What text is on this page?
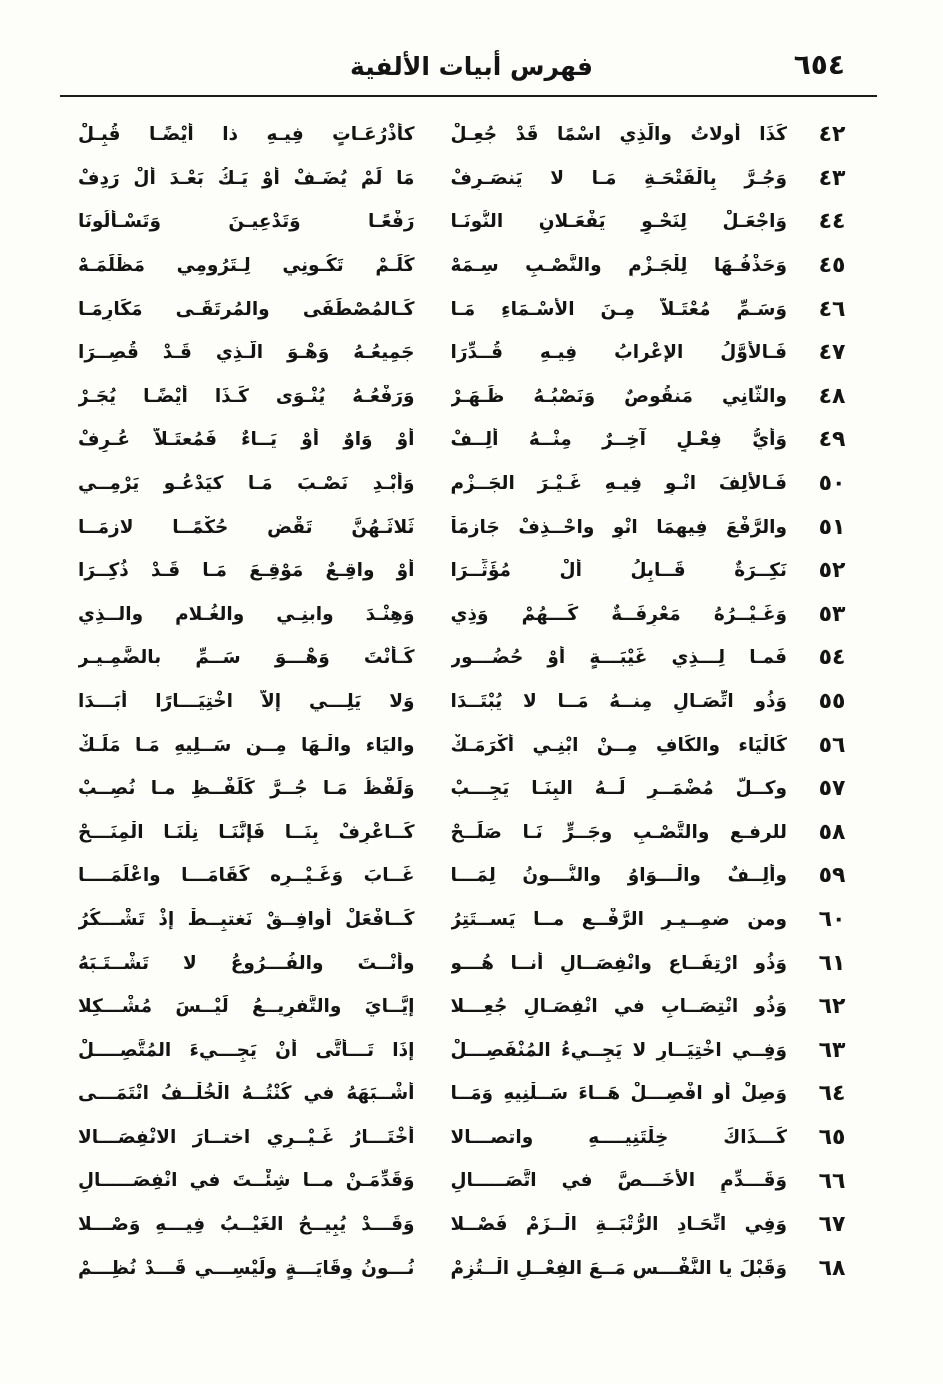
٦٥٤
فهرس أبيات الألفية
٤٢
كَذَا أُولاتُ والَّذِي اسْمًا قَدْ جُعِـلْ
كأَذْرُعَـاتٍ فِيـهِ ذا أَيْضًـا قُبِـلْ
٤٣
وَجُـرَّ بِالْفَتْحَـةِ مَـا لا يَنصَـرِفْ
مَا لَمْ يُضَـفْ أَوْ يَـكُ بَعْـدَ أَلْ رَدِفْ
٤٤
وَاجْعَـلْ لِنَحْـوِ يَفْعَـلانِ النُّونَـا
رَفْعًـا وَتَدْعِيـنَ وَتَسْـأَلُونَا
٤٥
وَحَذْفُـهَا لِلْجَـزْمِ والنَّصْـبِ سِـمَهْ
كَلَـمْ تَكُـونِي لِـتَرُومِي مَظْلَمَـهْ
٤٦
وَسَـمِّ مُعْتَـلاًّ مِـنَ الأَسْـمَاءِ مَـا
كَـالمُصْطَفَى والمُرتَقَـى مَكَارِمَـا
٤٧
فَـالأَوَّلُ الإعْرابُ فِيـهِ قُــدِّرَا
جَمِيعُـهُ وَهْـوَ الَّـذِي قَـدْ قُصِــرَا
٤٨
والثَّانِي مَنقُوصٌ وَنَصْبُـهُ ظَـهَـرْ
وَرَفْعُـهُ يُنْـوَى كَـذَا أَيْضًـا يُجَـرْ
٤٩
وَأَيُّ فِعْـلٍ آخِــرٌ مِنْــهُ أَلِــفْ
أَوْ وَاوٌ أَوْ يَــاءٌ فَمُعتَـلاًّ عُـرِفْ
٥٠
فَـالأَلِفَ انْـوِ فِيـهِ غَـيْـرَ الجَــزْمِ
وَأَبْـدِ نَصْـبَ مَـا كيَدْعُـو يَرْمِــي
٥١
والرَّفْعَ فِيهِمَا انْوِ واحْــذِفْ جَازِمَاْ
ثَلاثَـهُنَّ تَقْضِ حُكْمًــا لازِمَــا
٥٢
نَكِــرَةٌ قَــابِلُ أَلْ مُؤَثِّــرَا
أَوْ واقِـعٌ مَوْقِـعَ مَـا قَـدْ ذُكِــرَا
٥٣
وَغَـيْــرُهُ مَعْرِفَــةٌ كَـــهُمْ وَذِي
وَهِنْـدَ وابنِـي والغُـلامِ والــذِي
٥٤
فَمـا لِـــذِي غَيْبَـــةٍ أَوْ حُضُـــور
كَـأَنْتَ وَهْـــوَ سَــمِّ بالضَّمِـيـر
٥٥
وَذُو اتِّصَـالٍ مِنــهُ مَــا لا يُبْتَــدَا
وَلا يَلِـــي إلاَّ اخْتِيَـــارًا أَبَـــدَا
٥٦
كَالْيَاء والكَافِ مِــنْ ابْنِـي أَكْرَمَـكْ
واليَاء والْـهَا مِــن سَــلِيهِ مَـا مَلَـكْ
٥٧
وكــلُّ مُضْمَــرٍ لَــهُ البِنَـا يَجِـــبْ
وَلَفْظُ مَـا جُــرَّ كَلَفْــظِ مـا نُصِــبْ
٥٨
للرفـعِ والتَّصْـبِ وجَــرٍّ نَـا صَلَــحْ
كَــاعْرِفْ بِنَــا فَإنَّنَـا نِلْنَـا الْمِنَـــحْ
٥٩
وأَلِــفٌ والْـــوَاوُ والنُّـــونُ لِمَـــا
غَــابَ وَغَـيْــرِه كَقَامَـــا واعْلَمَــــا
٦٠
ومن ضمِــيـرِ الرَّفْــعِ مــا يَســتَتِرُ
كَــافْعَلْ أُوافِــقْ نَغتبِــطْ إذْ تَشْـــكُرُ
٦١
وَذُو ارْتِفَــاعٍ وانْفِصَــالٍ أنــا هُـــو
وأَنْــتَ والفُـــرُوعُ لا تَشْــتَـبَهُ
٦٢
وَذُو انْتِصَــابِ في انْفِصَـالٍ جُعِـــلا
إيَّــايَ والتَّفرِيــعُ لَيْــسَ مُشْـــكِلا
٦٣
وَفِــي اخْتِيَــارٍ لا يَجِــيءُ المُنْفَصِـــلْ
إذَا تَـــأَتَّى أنْ يَجِـــيءَ المُتَّصِــــلْ
٦٤
وَصِلْ أو افْصِـــلْ هَــاءَ سَــلْنِيهِ وَمَــا
أشْــبَهَهُ في كُنْتُــهُ الْخُلْــفُ انْتَمَـــى
٦٥
كَـــذَاكَ خِلْتَنِيــــهِ واتصـــالا
أخْتَـــارُ غَـيْــرِي اختــارَ الانْفِصَـــالا
٦٦
وَقَـــدِّمِ الأَخَـــصَّ في اتَّصَـــــالِ
وَقَدِّمَـنْ مــا شِئْــتَ في انْفِصَـــــالِ
٦٧
وَفِي اتِّحَـادِ الرُّتْبَــةِ الْــزَمْ فَصْــلا
وَقَـــدْ يُبِيــحُ الغَيْــبُ فِيـــهِ وَصْـــلا
٦٨
وَقَبْلَ يا النَّفْـــسِ مَــعَ الفِعْــلِ الْــتُزِمْ
نُـــونُ وِقَايَـــةٍ ولَيْسِـــي قَـــدْ نُظِـــمْ
